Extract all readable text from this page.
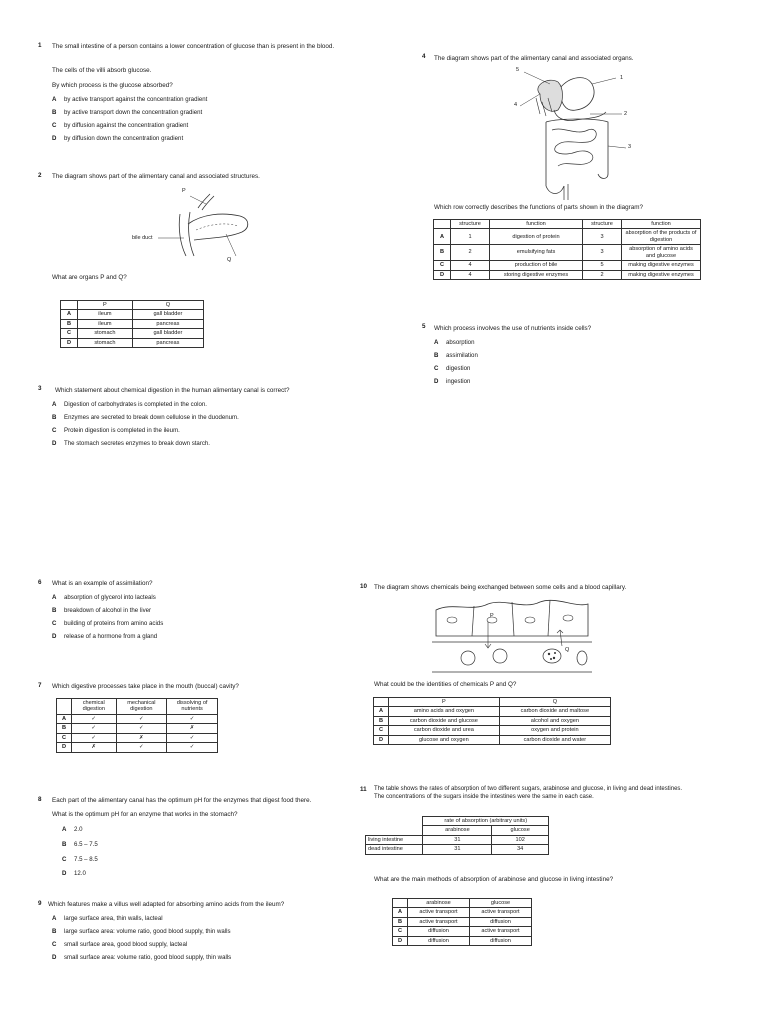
1 The small intestine of a person contains a lower concentration of glucose than is present in the blood.
The cells of the villi absorb glucose.
By which process is the glucose absorbed?
A by active transport against the concentration gradient
B by active transport down the concentration gradient
C by diffusion against the concentration gradient
D by diffusion down the concentration gradient
2 The diagram shows part of the alimentary canal and associated structures.
P
Q
bile duct
What are organs P and Q?
	P	Q
A	ileum	gall bladder
B	ileum	pancreas
C	stomach	gall bladder
D	stomach	pancreas
3 Which statement about chemical digestion in the human alimentary canal is correct?
A Digestion of carbohydrates is completed in the colon.
B Enzymes are secreted to break down cellulose in the duodenum.
C Protein digestion is completed in the ileum.
D The stomach secretes enzymes to break down starch.
4 The diagram shows part of the alimentary canal and associated organs.
1
2
3
4
5
Which row correctly describes the functions of parts shown in the diagram?
	structure	function	structure	function
A	1	digestion of protein	3	absorption of the products of digestion
B	2	emulsifying fats	3	absorption of amino acids and glucose
C	4	production of bile	5	making digestive enzymes
D	4	storing digestive enzymes	2	making digestive enzymes
5 Which process involves the use of nutrients inside cells?
A absorption
B assimilation
C digestion
D ingestion
6 What is an example of assimilation?
A absorption of glycerol into lacteals
B breakdown of alcohol in the liver
C building of proteins from amino acids
D release of a hormone from a gland
7 Which digestive processes take place in the mouth (buccal) cavity?
	chemical digestion	mechanical digestion	dissolving of nutrients
A	✓	✓	✓
B	✓	✓	✗
C	✓	✗	✓
D	✗	✓	✓
8 Each part of the alimentary canal has the optimum pH for the enzymes that digest food there.
What is the optimum pH for an enzyme that works in the stomach?
A 2.0
B 6.5 – 7.5
C 7.5 – 8.5
D 12.0
9 Which features make a villus well adapted for absorbing amino acids from the ileum?
A large surface area, thin walls, lacteal
B large surface area: volume ratio, good blood supply, thin walls
C small surface area, good blood supply, lacteal
D small surface area: volume ratio, good blood supply, thin walls
10 The diagram shows chemicals being exchanged between some cells and a blood capillary.
P
Q
What could be the identities of chemicals P and Q?
	P	Q
A	amino acids and oxygen	carbon dioxide and maltose
B	carbon dioxide and glucose	alcohol and oxygen
C	carbon dioxide and urea	oxygen and protein
D	glucose and oxygen	carbon dioxide and water
11 The table shows the rates of absorption of two different sugars, arabinose and glucose, in living and dead intestines. The concentrations of the sugars inside the intestines were the same in each case.
	rate of absorption (arbitrary units)	
	arabinose	glucose
living intestine	31	102
dead intestine	31	34
What are the main methods of absorption of arabinose and glucose in living intestine?
	arabinose	glucose
A	active transport	active transport
B	active transport	diffusion
C	diffusion	active transport
D	diffusion	diffusion
